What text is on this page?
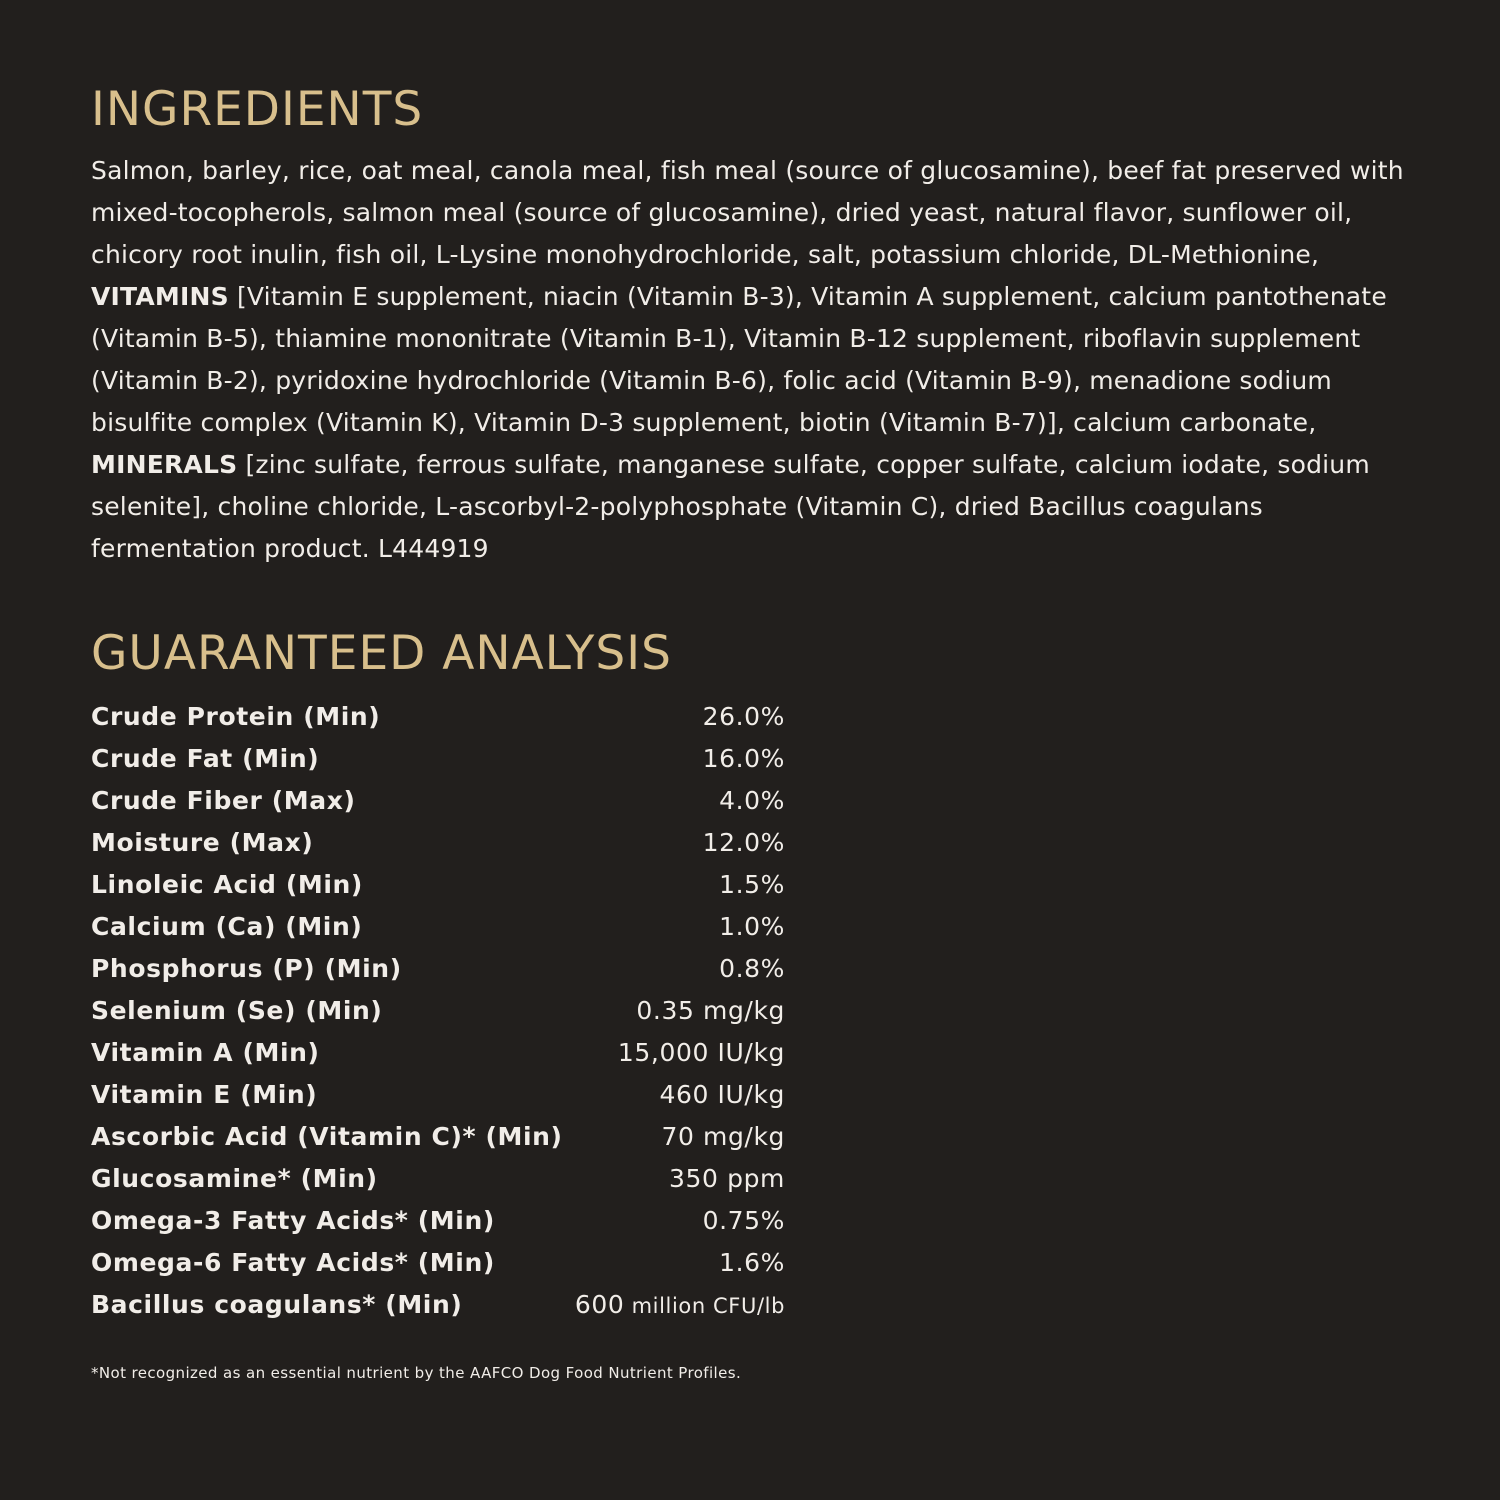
INGREDIENTS
Salmon, barley, rice, oat meal, canola meal, fish meal (source of glucosamine), beef fat preserved with mixed-tocopherols, salmon meal (source of glucosamine), dried yeast, natural flavor, sunflower oil, chicory root inulin, fish oil, L-Lysine monohydrochloride, salt, potassium chloride, DL-Methionine, VITAMINS [Vitamin E supplement, niacin (Vitamin B-3), Vitamin A supplement, calcium pantothenate (Vitamin B-5), thiamine mononitrate (Vitamin B-1), Vitamin B-12 supplement, riboflavin supplement (Vitamin B-2), pyridoxine hydrochloride (Vitamin B-6), folic acid (Vitamin B-9), menadione sodium bisulfite complex (Vitamin K), Vitamin D-3 supplement, biotin (Vitamin B-7)], calcium carbonate, MINERALS [zinc sulfate, ferrous sulfate, manganese sulfate, copper sulfate, calcium iodate, sodium selenite], choline chloride, L-ascorbyl-2-polyphosphate (Vitamin C), dried Bacillus coagulans fermentation product. L444919
GUARANTEED ANALYSIS
Crude Protein (Min)	26.0%
Crude Fat (Min)	16.0%
Crude Fiber (Max)	4.0%
Moisture (Max)	12.0%
Linoleic Acid (Min)	1.5%
Calcium (Ca) (Min)	1.0%
Phosphorus (P) (Min)	0.8%
Selenium (Se) (Min)	0.35 mg/kg
Vitamin A (Min)	15,000 IU/kg
Vitamin E (Min)	460 IU/kg
Ascorbic Acid (Vitamin C)* (Min)	70 mg/kg
Glucosamine* (Min)	350 ppm
Omega-3 Fatty Acids* (Min)	0.75%
Omega-6 Fatty Acids* (Min)	1.6%
Bacillus coagulans* (Min)	600 million CFU/lb
*Not recognized as an essential nutrient by the AAFCO Dog Food Nutrient Profiles.
